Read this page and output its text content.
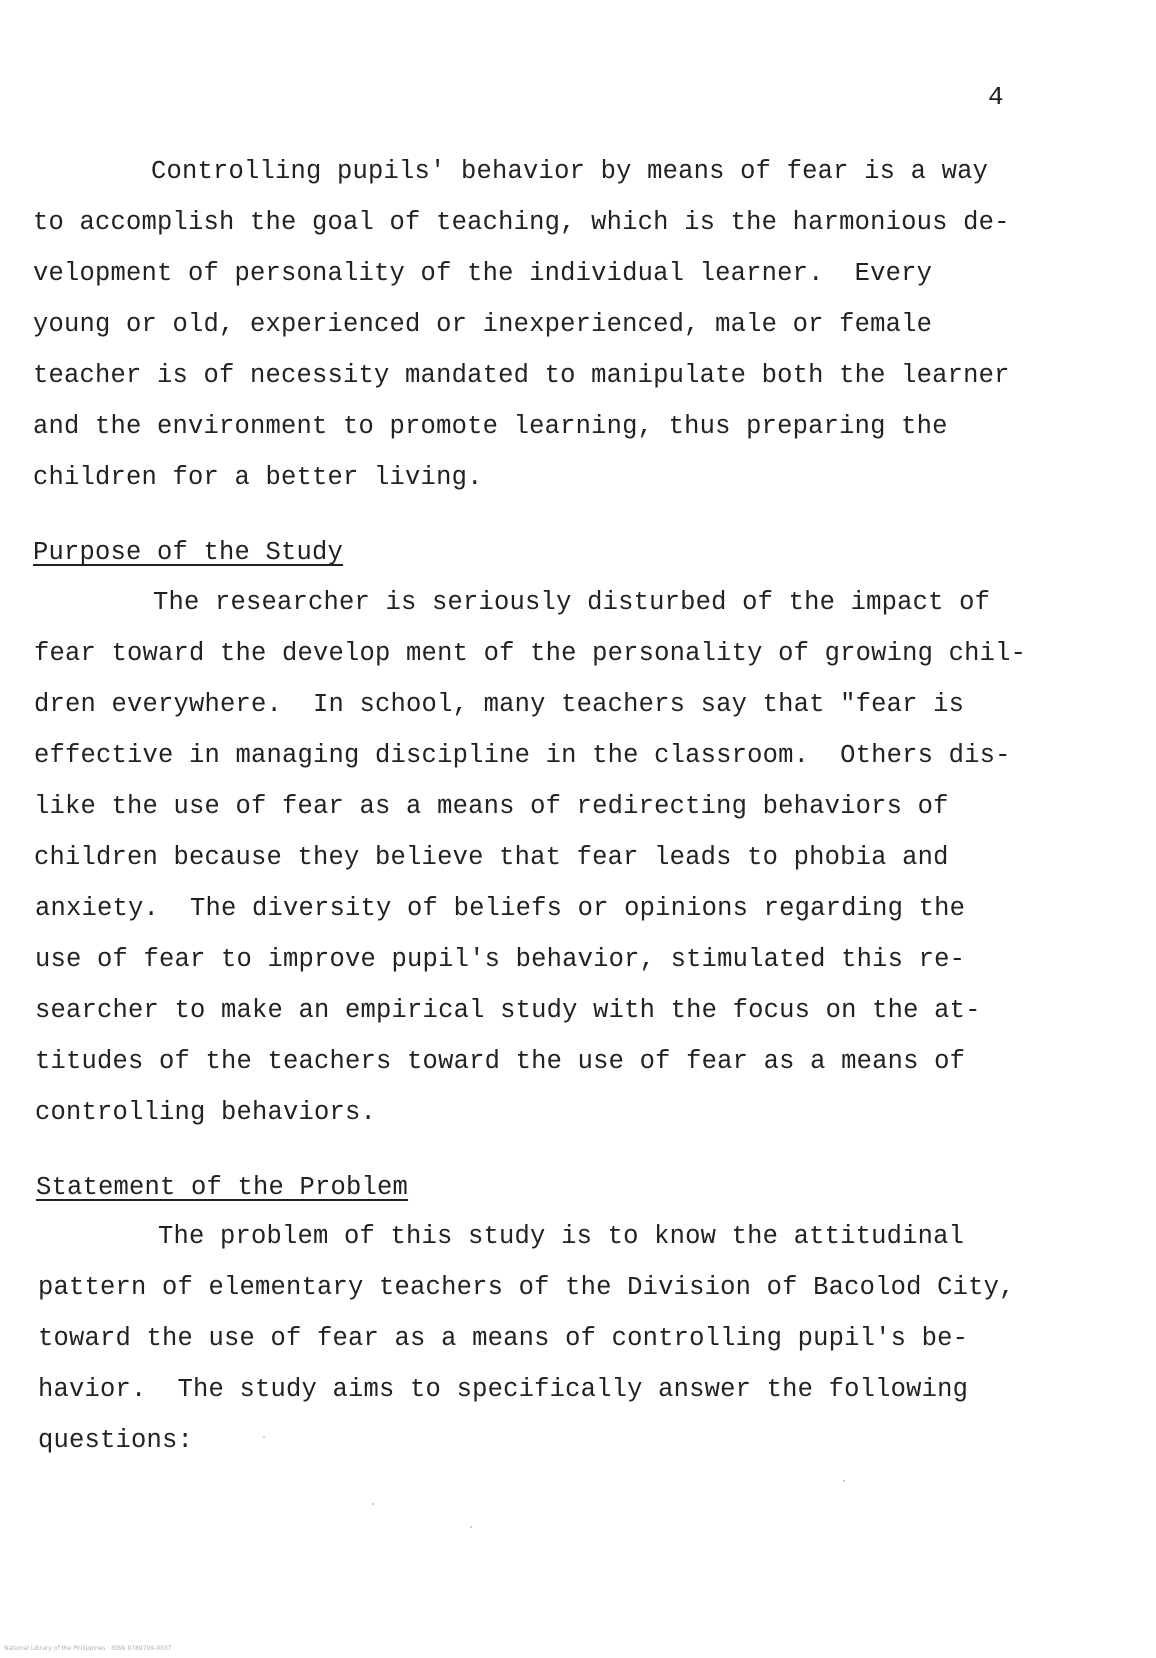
4
Controlling pupils' behavior by means of fear is a way
to accomplish the goal of teaching, which is the harmonious de-
velopment of personality of the individual learner.  Every
young or old, experienced or inexperienced, male or female
teacher is of necessity mandated to manipulate both the learner
and the environment to promote learning, thus preparing the
children for a better living.
Purpose of the Study
The researcher is seriously disturbed of the impact of
fear toward the develop ment of the personality of growing chil-
dren everywhere.  In school, many teachers say that "fear is
effective in managing discipline in the classroom.  Others dis-
like the use of fear as a means of redirecting behaviors of
children because they believe that fear leads to phobia and
anxiety.  The diversity of beliefs or opinions regarding the
use of fear to improve pupil's behavior, stimulated this re-
searcher to make an empirical study with the focus on the at-
titudes of the teachers toward the use of fear as a means of
controlling behaviors.
Statement of the Problem
The problem of this study is to know the attitudinal
pattern of elementary teachers of the Division of Bacolod City,
toward the use of fear as a means of controlling pupil's be-
havior.  The study aims to specifically answer the following
questions:
National Library of the Philippines · ISBN 9789709-0037
